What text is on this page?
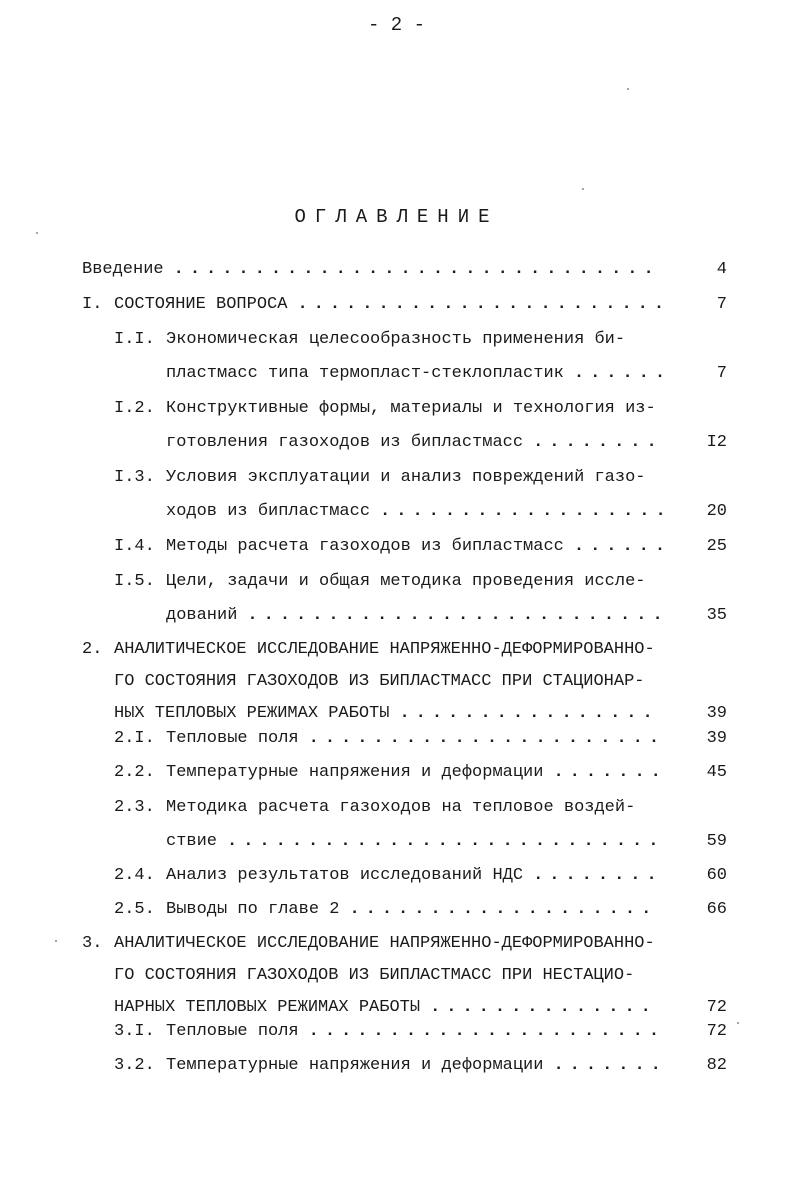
- 2 -
ОГЛАВЛЕНИЕ
Введение ..............................	4
I. СОСТОЯНИЕ ВОПРОСА .......................	7
I.I. Экономическая целесообразность применения би-
пластмасс типа термопласт-стеклопластик ......	7
I.2. Конструктивные формы, материалы и технология из-
готовления газоходов из бипластмасс ........	I2
I.3. Условия эксплуатации и анализ повреждений газо-
ходов из бипластмасс .................. 20
I.4. Методы расчета газоходов из бипластмасс ...... 25
I.5. Цели, задачи и общая методика проведения иссле-
дований .......................... 35
2. АНАЛИТИЧЕСКОЕ ИССЛЕДОВАНИЕ НАПРЯЖЕННО-ДЕФОРМИРОВАННО-
ГО СОСТОЯНИЯ ГАЗОХОДОВ ИЗ БИПЛАСТМАСС ПРИ СТАЦИОНАР-
НЫХ ТЕПЛОВЫХ РЕЖИМАХ РАБОТЫ ................	39
2.I. Тепловые поля ...................... 39
2.2. Температурные напряжения и деформации ....... 45
2.3. Методика расчета газоходов на тепловое воздей-
ствие ........................... 59
2.4. Анализ результатов исследований НДС ........	60
2.5. Выводы по главе 2 ...................	66
3. АНАЛИТИЧЕСКОЕ ИССЛЕДОВАНИЕ НАПРЯЖЕННО-ДЕФОРМИРОВАННО-
ГО СОСТОЯНИЯ ГАЗОХОДОВ ИЗ БИПЛАСТМАСС ПРИ НЕСТАЦИО-
НАРНЫХ ТЕПЛОВЫХ РЕЖИМАХ РАБОТЫ ..............	72
3.I. Тепловые поля ...................... 72
3.2. Температурные напряжения и деформации ....... 82
